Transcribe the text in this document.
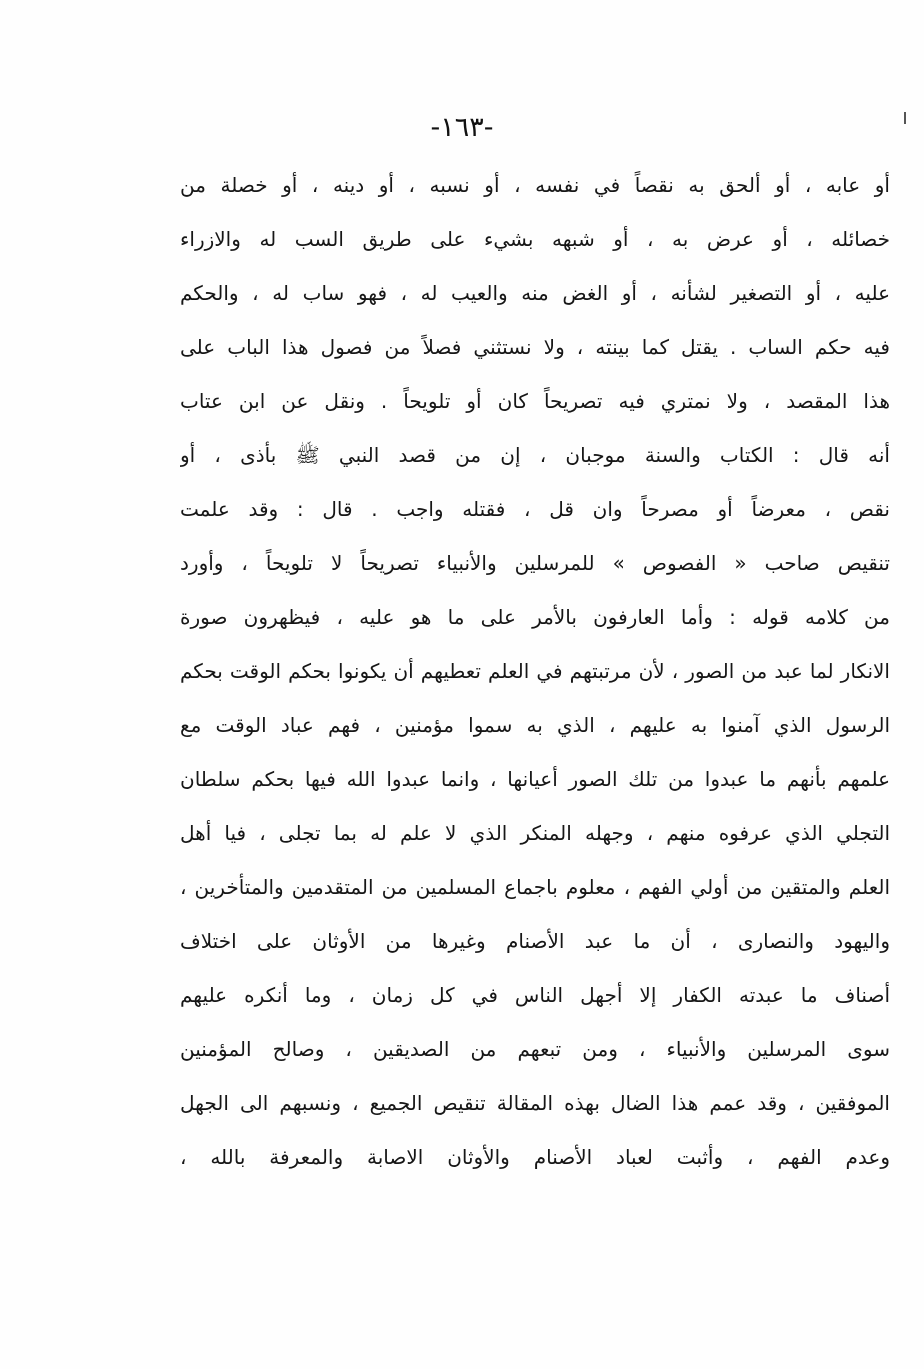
-١٦٣-
أو عابه ، أو ألحق به نقصاً في نفسه ، أو نسبه ، أو دينه ، أو خصلة من
خصائله ، أو عرض به ، أو شبهه بشيء على طريق السب له والازراء
عليه ، أو التصغير لشأنه ، أو الغض منه والعيب له ، فهو ساب له ، والحكم
فيه حكم الساب . يقتل كما بينته ، ولا نستثني فصلاً من فصول هذا الباب على
هذا المقصد ، ولا نمتري فيه تصريحاً كان أو تلويحاً . ونقل عن ابن عتاب
أنه قال : الكتاب والسنة موجبان ، إن من قصد النبي ﷺ بأذى ، أو
نقص ، معرضاً أو مصرحاً وان قل ، فقتله واجب . قال : وقد علمت
تنقيص صاحب « الفصوص » للمرسلين والأنبياء تصريحاً لا تلويحاً ، وأورد
من كلامه قوله : وأما العارفون بالأمر على ما هو عليه ، فيظهرون صورة
الانكار لما عبد من الصور ، لأن مرتبتهم في العلم تعطيهم أن يكونوا بحكم الوقت بحكم
الرسول الذي آمنوا به عليهم ، الذي به سموا مؤمنين ، فهم عباد الوقت مع
علمهم بأنهم ما عبدوا من تلك الصور أعيانها ، وانما عبدوا الله فيها بحكم سلطان
التجلي الذي عرفوه منهم ، وجهله المنكر الذي لا علم له بما تجلى ، فيا أهل
العلم والمتقين من أولي الفهم ، معلوم باجماع المسلمين من المتقدمين والمتأخرين ،
واليهود والنصارى ، أن ما عبد الأصنام وغيرها من الأوثان على اختلاف
أصناف ما عبدته الكفار إلا أجهل الناس في كل زمان ، وما أنكره عليهم
سوى المرسلين والأنبياء ، ومن تبعهم من الصديقين ، وصالح المؤمنين
الموفقين ، وقد عمم هذا الضال بهذه المقالة تنقيص الجميع ، ونسبهم الى الجهل
وعدم الفهم ، وأثبت لعباد الأصنام والأوثان الاصابة والمعرفة بالله ،
